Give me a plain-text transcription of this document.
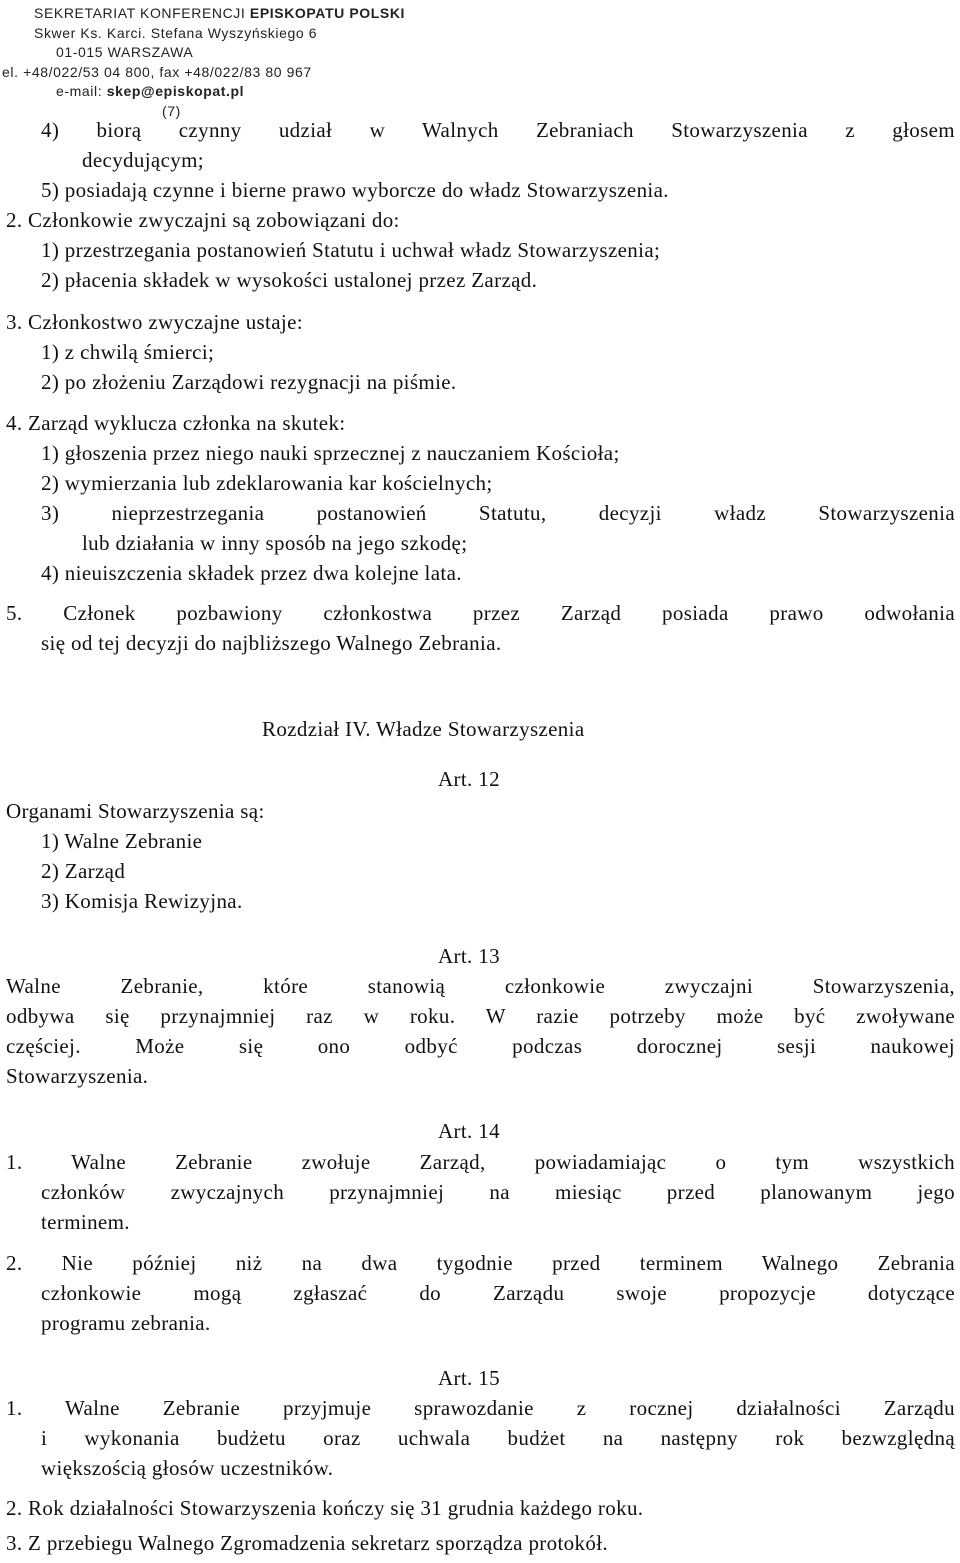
SEKRETARIAT KONFERENCJI EPISKOPATU POLSKI
Skwer Ks. Karci. Stefana Wyszyńskiego 6
01-015 WARSZAWA
el. +48/022/53 04 800, fax +48/022/83 80 967
e-mail: skep@episkopat.pl
(7)
4) biorą czynny udział w Walnych Zebraniach Stowarzyszenia z głosem
decydującym;
5) posiadają czynne i bierne prawo wyborcze do władz Stowarzyszenia.
2. Członkowie zwyczajni są zobowiązani do:
1) przestrzegania postanowień Statutu i uchwał władz Stowarzyszenia;
2) płacenia składek w wysokości ustalonej przez Zarząd.
3. Członkostwo zwyczajne ustaje:
1) z chwilą śmierci;
2) po złożeniu Zarządowi rezygnacji na piśmie.
4. Zarząd wyklucza członka na skutek:
1) głoszenia przez niego nauki sprzecznej z nauczaniem Kościoła;
2) wymierzania lub zdeklarowania kar kościelnych;
3) nieprzestrzegania postanowień Statutu, decyzji władz Stowarzyszenia
lub działania w inny sposób na jego szkodę;
4) nieuiszczenia składek przez dwa kolejne lata.
5. Członek pozbawiony członkostwa przez Zarząd posiada prawo odwołania
się od tej decyzji do najbliższego Walnego Zebrania.
Rozdział IV. Władze Stowarzyszenia
Art. 12
Organami Stowarzyszenia są:
1) Walne Zebranie
2) Zarząd
3) Komisja Rewizyjna.
Art. 13
Walne Zebranie, które stanowią członkowie zwyczajni Stowarzyszenia,
odbywa się przynajmniej raz w roku. W razie potrzeby może być zwoływane
częściej. Może się ono odbyć podczas dorocznej sesji naukowej
Stowarzyszenia.
Art. 14
1. Walne Zebranie zwołuje Zarząd, powiadamiając o tym wszystkich
członków zwyczajnych przynajmniej na miesiąc przed planowanym jego
terminem.
2. Nie później niż na dwa tygodnie przed terminem Walnego Zebrania
członkowie mogą zgłaszać do Zarządu swoje propozycje dotyczące
programu zebrania.
Art. 15
1. Walne Zebranie przyjmuje sprawozdanie z rocznej działalności Zarządu
i wykonania budżetu oraz uchwala budżet na następny rok bezwzględną
większością głosów uczestników.
2. Rok działalności Stowarzyszenia kończy się 31 grudnia każdego roku.
3. Z przebiegu Walnego Zgromadzenia sekretarz sporządza protokół.
